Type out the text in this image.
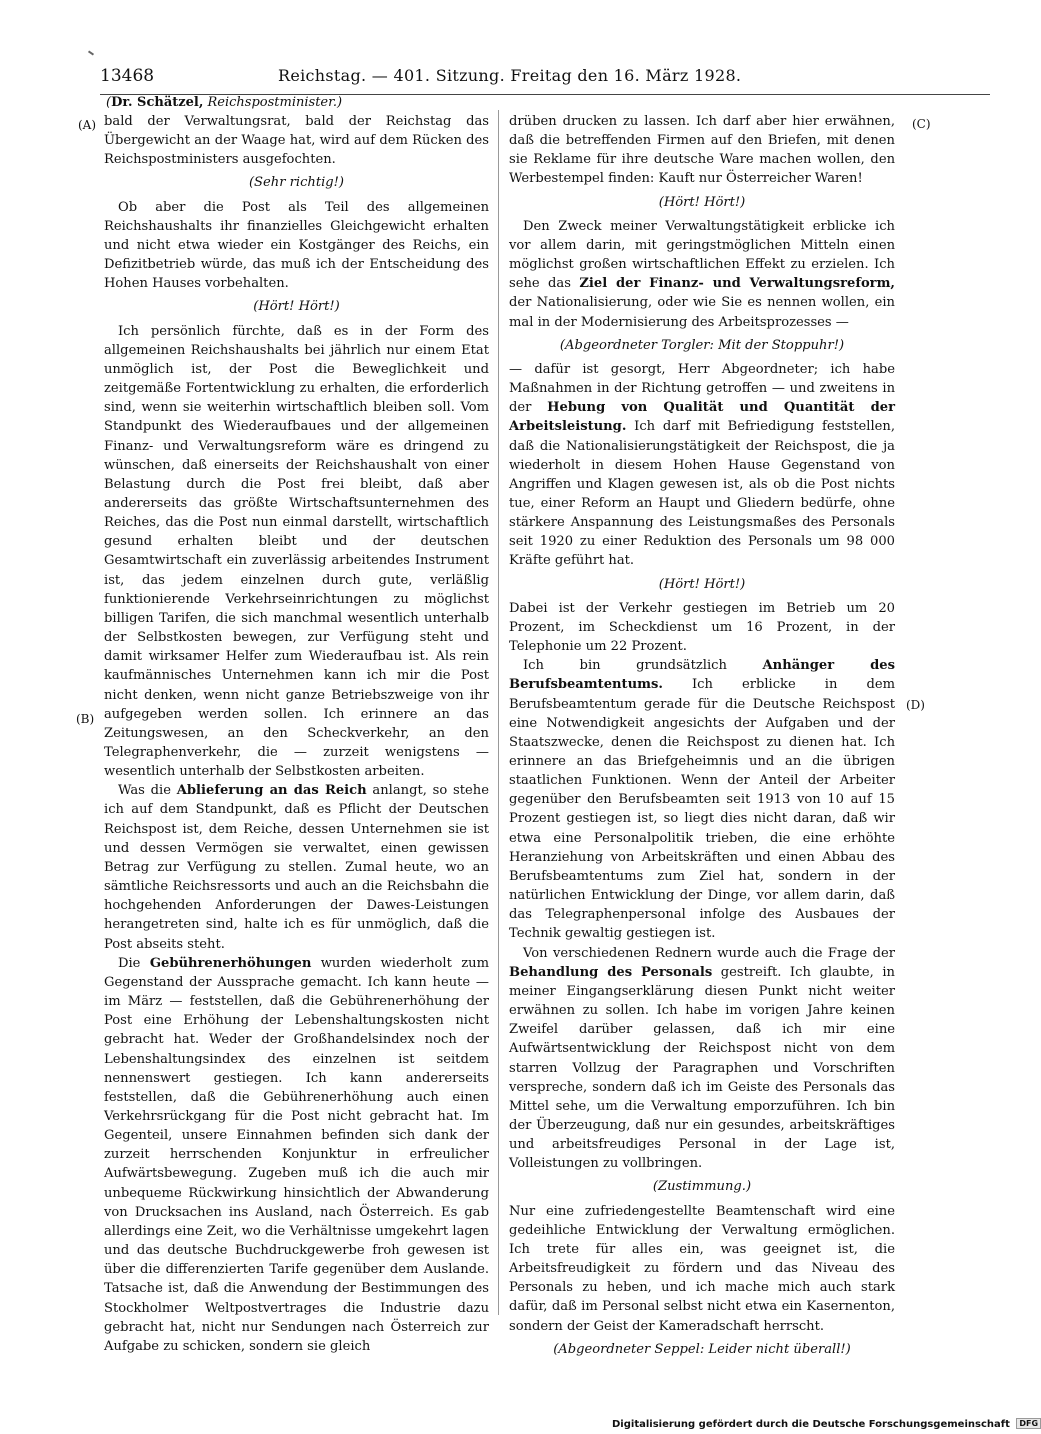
13468	Reichstag. — 401. Sitzung. Freitag den 16. März 1928.
(Dr. Schätzel, Reichspostminister.)
(A)
(B)
(C)
(D)

bald der Verwaltungsrat, bald der Reichstag das Übergewicht an der Waage hat, wird auf dem Rücken des Reichspostministers ausgefochten.

(Sehr richtig!)

Ob aber die Post als Teil des allgemeinen Reichshaushalts ihr finanzielles Gleichgewicht erhalten und nicht etwa wieder ein Kostgänger des Reichs, ein Defizitbetrieb würde, das muß ich der Entscheidung des Hohen Hauses vorbehalten.

(Hört! Hört!)

Ich persönlich fürchte, daß es in der Form des allgemeinen Reichshaushalts bei jährlich nur einem Etat unmöglich ist, der Post die Beweglichkeit und zeitgemäße Fortentwicklung zu erhalten, die erforderlich sind, wenn sie weiterhin wirtschaftlich bleiben soll. Vom Standpunkt des Wiederaufbaues und der allgemeinen Finanz- und Verwaltungsreform wäre es dringend zu wünschen, daß einerseits der Reichshaushalt von einer Belastung durch die Post frei bleibt, daß aber andererseits das größte Wirtschaftsunternehmen des Reiches, das die Post nun einmal darstellt, wirtschaftlich gesund erhalten bleibt und der deutschen Gesamtwirtschaft ein zuverlässig arbeitendes Instrument ist, das jedem einzelnen durch gute, verläßlig funktionierende Verkehrseinrichtungen zu möglichst billigen Tarifen, die sich manchmal wesentlich unterhalb der Selbstkosten bewegen, zur Verfügung steht und damit wirksamer Helfer zum Wiederaufbau ist. Als rein kaufmännisches Unternehmen kann ich mir die Post nicht denken, wenn nicht ganze Betriebszweige von ihr aufgegeben werden sollen. Ich erinnere an das Zeitungswesen, an den Scheckverkehr, an den Telegraphenverkehr, die — zurzeit wenigstens — wesentlich unterhalb der Selbstkosten arbeiten.

Was die Ablieferung an das Reich anlangt, so stehe ich auf dem Standpunkt, daß es Pflicht der Deutschen Reichspost ist, dem Reiche, dessen Unternehmen sie ist und dessen Vermögen sie verwaltet, einen gewissen Betrag zur Verfügung zu stellen. Zumal heute, wo an sämtliche Reichsressorts und auch an die Reichsbahn die hochgehenden Anforderungen der Dawes-Leistungen herangetreten sind, halte ich es für unmöglich, daß die Post abseits steht.

Die Gebührenerhöhungen wurden wiederholt zum Gegenstand der Aussprache gemacht. Ich kann heute — im März — feststellen, daß die Gebührenerhöhung der Post eine Erhöhung der Lebenshaltungskosten nicht gebracht hat. Weder der Großhandelsindex noch der Lebenshaltungsindex des einzelnen ist seitdem nennenswert gestiegen. Ich kann andererseits feststellen, daß die Gebührenerhöhung auch einen Verkehrsrückgang für die Post nicht gebracht hat. Im Gegenteil, unsere Einnahmen befinden sich dank der zurzeit herrschenden Konjunktur in erfreulicher Aufwärtsbewegung. Zugeben muß ich die auch mir unbequeme Rückwirkung hinsichtlich der Abwanderung von Drucksachen ins Ausland, nach Österreich. Es gab allerdings eine Zeit, wo die Verhältnisse umgekehrt lagen und das deutsche Buchdruckgewerbe froh gewesen ist über die differenzierten Tarife gegenüber dem Auslande. Tatsache ist, daß die Anwendung der Bestimmungen des Stockholmer Weltpostvertrages die Industrie dazu gebracht hat, nicht nur Sendungen nach Österreich zur Aufgabe zu schicken, sondern sie gleich

drüben drucken zu lassen. Ich darf aber hier erwähnen, daß die betreffenden Firmen auf den Briefen, mit denen sie Reklame für ihre deutsche Ware machen wollen, den Werbestempel finden: Kauft nur Österreicher Waren!

(Hört! Hört!)

Den Zweck meiner Verwaltungstätigkeit erblicke ich vor allem darin, mit geringstmöglichen Mitteln einen möglichst großen wirtschaftlichen Effekt zu erzielen. Ich sehe das Ziel der Finanz- und Verwaltungsreform, der Nationalisierung, oder wie Sie es nennen wollen, ein mal in der Modernisierung des Arbeitsprozesses —

(Abgeordneter Torgler: Mit der Stoppuhr!)

— dafür ist gesorgt, Herr Abgeordneter; ich habe Maßnahmen in der Richtung getroffen — und zweitens in der Hebung von Qualität und Quantität der Arbeitsleistung. Ich darf mit Befriedigung feststellen, daß die Nationalisierungstätigkeit der Reichspost, die ja wiederholt in diesem Hohen Hause Gegenstand von Angriffen und Klagen gewesen ist, als ob die Post nichts tue, einer Reform an Haupt und Gliedern bedürfe, ohne stärkere Anspannung des Leistungsmaßes des Personals seit 1920 zu einer Reduktion des Personals um 98 000 Kräfte geführt hat.

(Hört! Hört!)

Dabei ist der Verkehr gestiegen im Betrieb um 20 Prozent, im Scheckdienst um 16 Prozent, in der Telephonie um 22 Prozent.

Ich bin grundsätzlich Anhänger des Berufsbeamtentums. Ich erblicke in dem Berufsbeamtentum gerade für die Deutsche Reichspost eine Notwendigkeit angesichts der Aufgaben und der Staatszwecke, denen die Reichspost zu dienen hat. Ich erinnere an das Briefgeheimnis und an die übrigen staatlichen Funktionen. Wenn der Anteil der Arbeiter gegenüber den Berufsbeamten seit 1913 von 10 auf 15 Prozent gestiegen ist, so liegt dies nicht daran, daß wir etwa eine Personalpolitik trieben, die eine erhöhte Heranziehung von Arbeitskräften und einen Abbau des Berufsbeamtentums zum Ziel hat, sondern in der natürlichen Entwicklung der Dinge, vor allem darin, daß das Telegraphenpersonal infolge des Ausbaues der Technik gewaltig gestiegen ist.

Von verschiedenen Rednern wurde auch die Frage der Behandlung des Personals gestreift. Ich glaubte, in meiner Eingangserklärung diesen Punkt nicht weiter erwähnen zu sollen. Ich habe im vorigen Jahre keinen Zweifel darüber gelassen, daß ich mir eine Aufwärtsentwicklung der Reichspost nicht von dem starren Vollzug der Paragraphen und Vorschriften verspreche, sondern daß ich im Geiste des Personals das Mittel sehe, um die Verwaltung emporzuführen. Ich bin der Überzeugung, daß nur ein gesundes, arbeitskräftiges und arbeitsfreudiges Personal in der Lage ist, Volleistungen zu vollbringen.

(Zustimmung.)

Nur eine zufriedengestellte Beamtenschaft wird eine gedeihliche Entwicklung der Verwaltung ermöglichen. Ich trete für alles ein, was geeignet ist, die Arbeitsfreudigkeit zu fördern und das Niveau des Personals zu heben, und ich mache mich auch stark dafür, daß im Personal selbst nicht etwa ein Kasernenton, sondern der Geist der Kameradschaft herrscht.

(Abgeordneter Seppel: Leider nicht überall!)

Digitalisierung gefördert durch die Deutsche Forschungsgemeinschaft DFG
